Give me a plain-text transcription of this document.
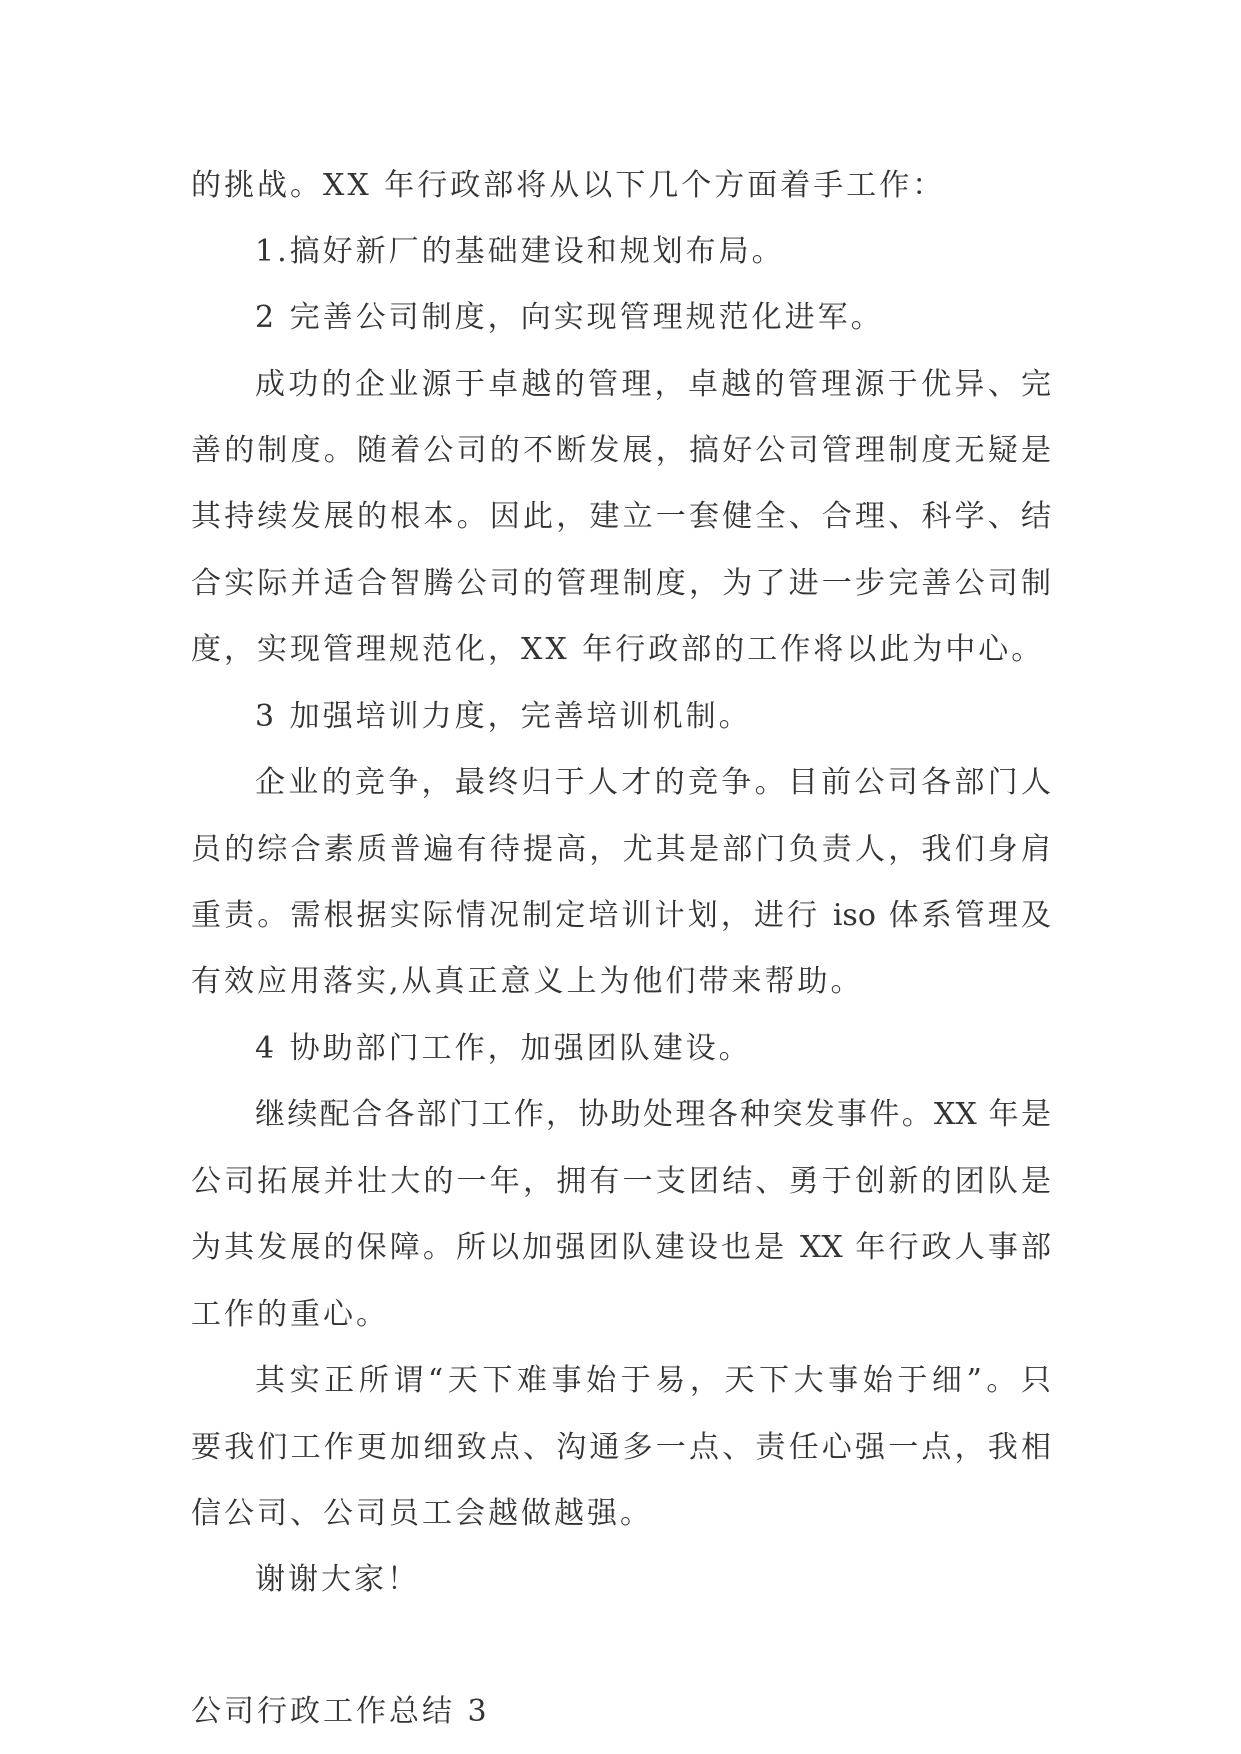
的挑战。XX 年行政部将从以下几个方面着手工作：
1.搞好新厂的基础建设和规划布局。
2 完善公司制度，向实现管理规范化进军。
成功的企业源于卓越的管理，卓越的管理源于优异、完
善的制度。随着公司的不断发展，搞好公司管理制度无疑是
其持续发展的根本。因此，建立一套健全、合理、科学、结
合实际并适合智腾公司的管理制度，为了进一步完善公司制
度，实现管理规范化，XX 年行政部的工作将以此为中心。
3 加强培训力度，完善培训机制。
企业的竞争，最终归于人才的竞争。目前公司各部门人
员的综合素质普遍有待提高，尤其是部门负责人，我们身肩
重责。需根据实际情况制定培训计划，进行 iso 体系管理及
有效应用落实,从真正意义上为他们带来帮助。
4 协助部门工作，加强团队建设。
继续配合各部门工作，协助处理各种突发事件。XX 年是
公司拓展并壮大的一年，拥有一支团结、勇于创新的团队是
为其发展的保障。所以加强团队建设也是 XX 年行政人事部
工作的重心。
其实正所谓“天下难事始于易，天下大事始于细”。只
要我们工作更加细致点、沟通多一点、责任心强一点，我相
信公司、公司员工会越做越强。
谢谢大家！
公司行政工作总结 3
